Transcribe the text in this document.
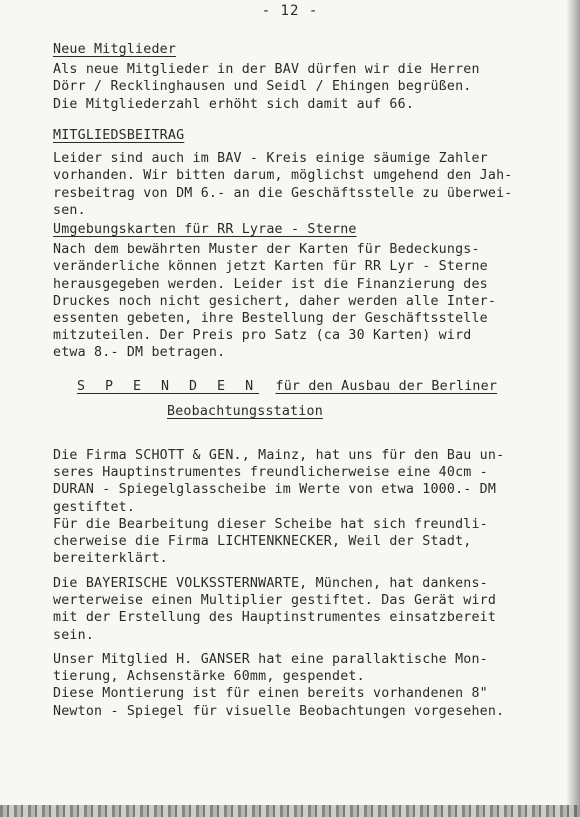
- 12 -
Neue Mitglieder
Als neue Mitglieder in der BAV dürfen wir die Herren
Dörr / Recklinghausen und Seidl / Ehingen begrüßen.
Die Mitgliederzahl erhöht sich damit auf 66.
MITGLIEDSBEITRAG
Leider sind auch im BAV - Kreis einige säumige Zahler
vorhanden. Wir bitten darum, möglichst umgehend den Jah-
resbeitrag von DM 6.- an die Geschäftsstelle zu überwei-
sen.
Umgebungskarten für RR Lyrae - Sterne
Nach dem bewährten Muster der Karten für Bedeckungs-
veränderliche können jetzt Karten für RR Lyr - Sterne
herausgegeben werden. Leider ist die Finanzierung des
Druckes noch nicht gesichert, daher werden alle Inter-
essenten gebeten, ihre Bestellung der Geschäftsstelle
mitzuteilen. Der Preis pro Satz (ca 30 Karten) wird
etwa 8.- DM betragen.
S P E N D E N für den Ausbau der Berliner
Beobachtungsstation
Die Firma SCHOTT & GEN., Mainz, hat uns für den Bau un-
seres Hauptinstrumentes freundlicherweise eine 40cm -
DURAN - Spiegelglasscheibe im Werte von etwa 1000.- DM
gestiftet.
Für die Bearbeitung dieser Scheibe hat sich freundli-
cherweise die Firma LICHTENKNECKER, Weil der Stadt,
bereiterklärt.
Die BAYERISCHE VOLKSSTERNWARTE, München, hat dankens-
werterweise einen Multiplier gestiftet. Das Gerät wird
mit der Erstellung des Hauptinstrumentes einsatzbereit
sein.
Unser Mitglied H. GANSER hat eine parallaktische Mon-
tierung, Achsenstärke 60mm, gespendet.
Diese Montierung ist für einen bereits vorhandenen 8"
Newton - Spiegel für visuelle Beobachtungen vorgesehen.
